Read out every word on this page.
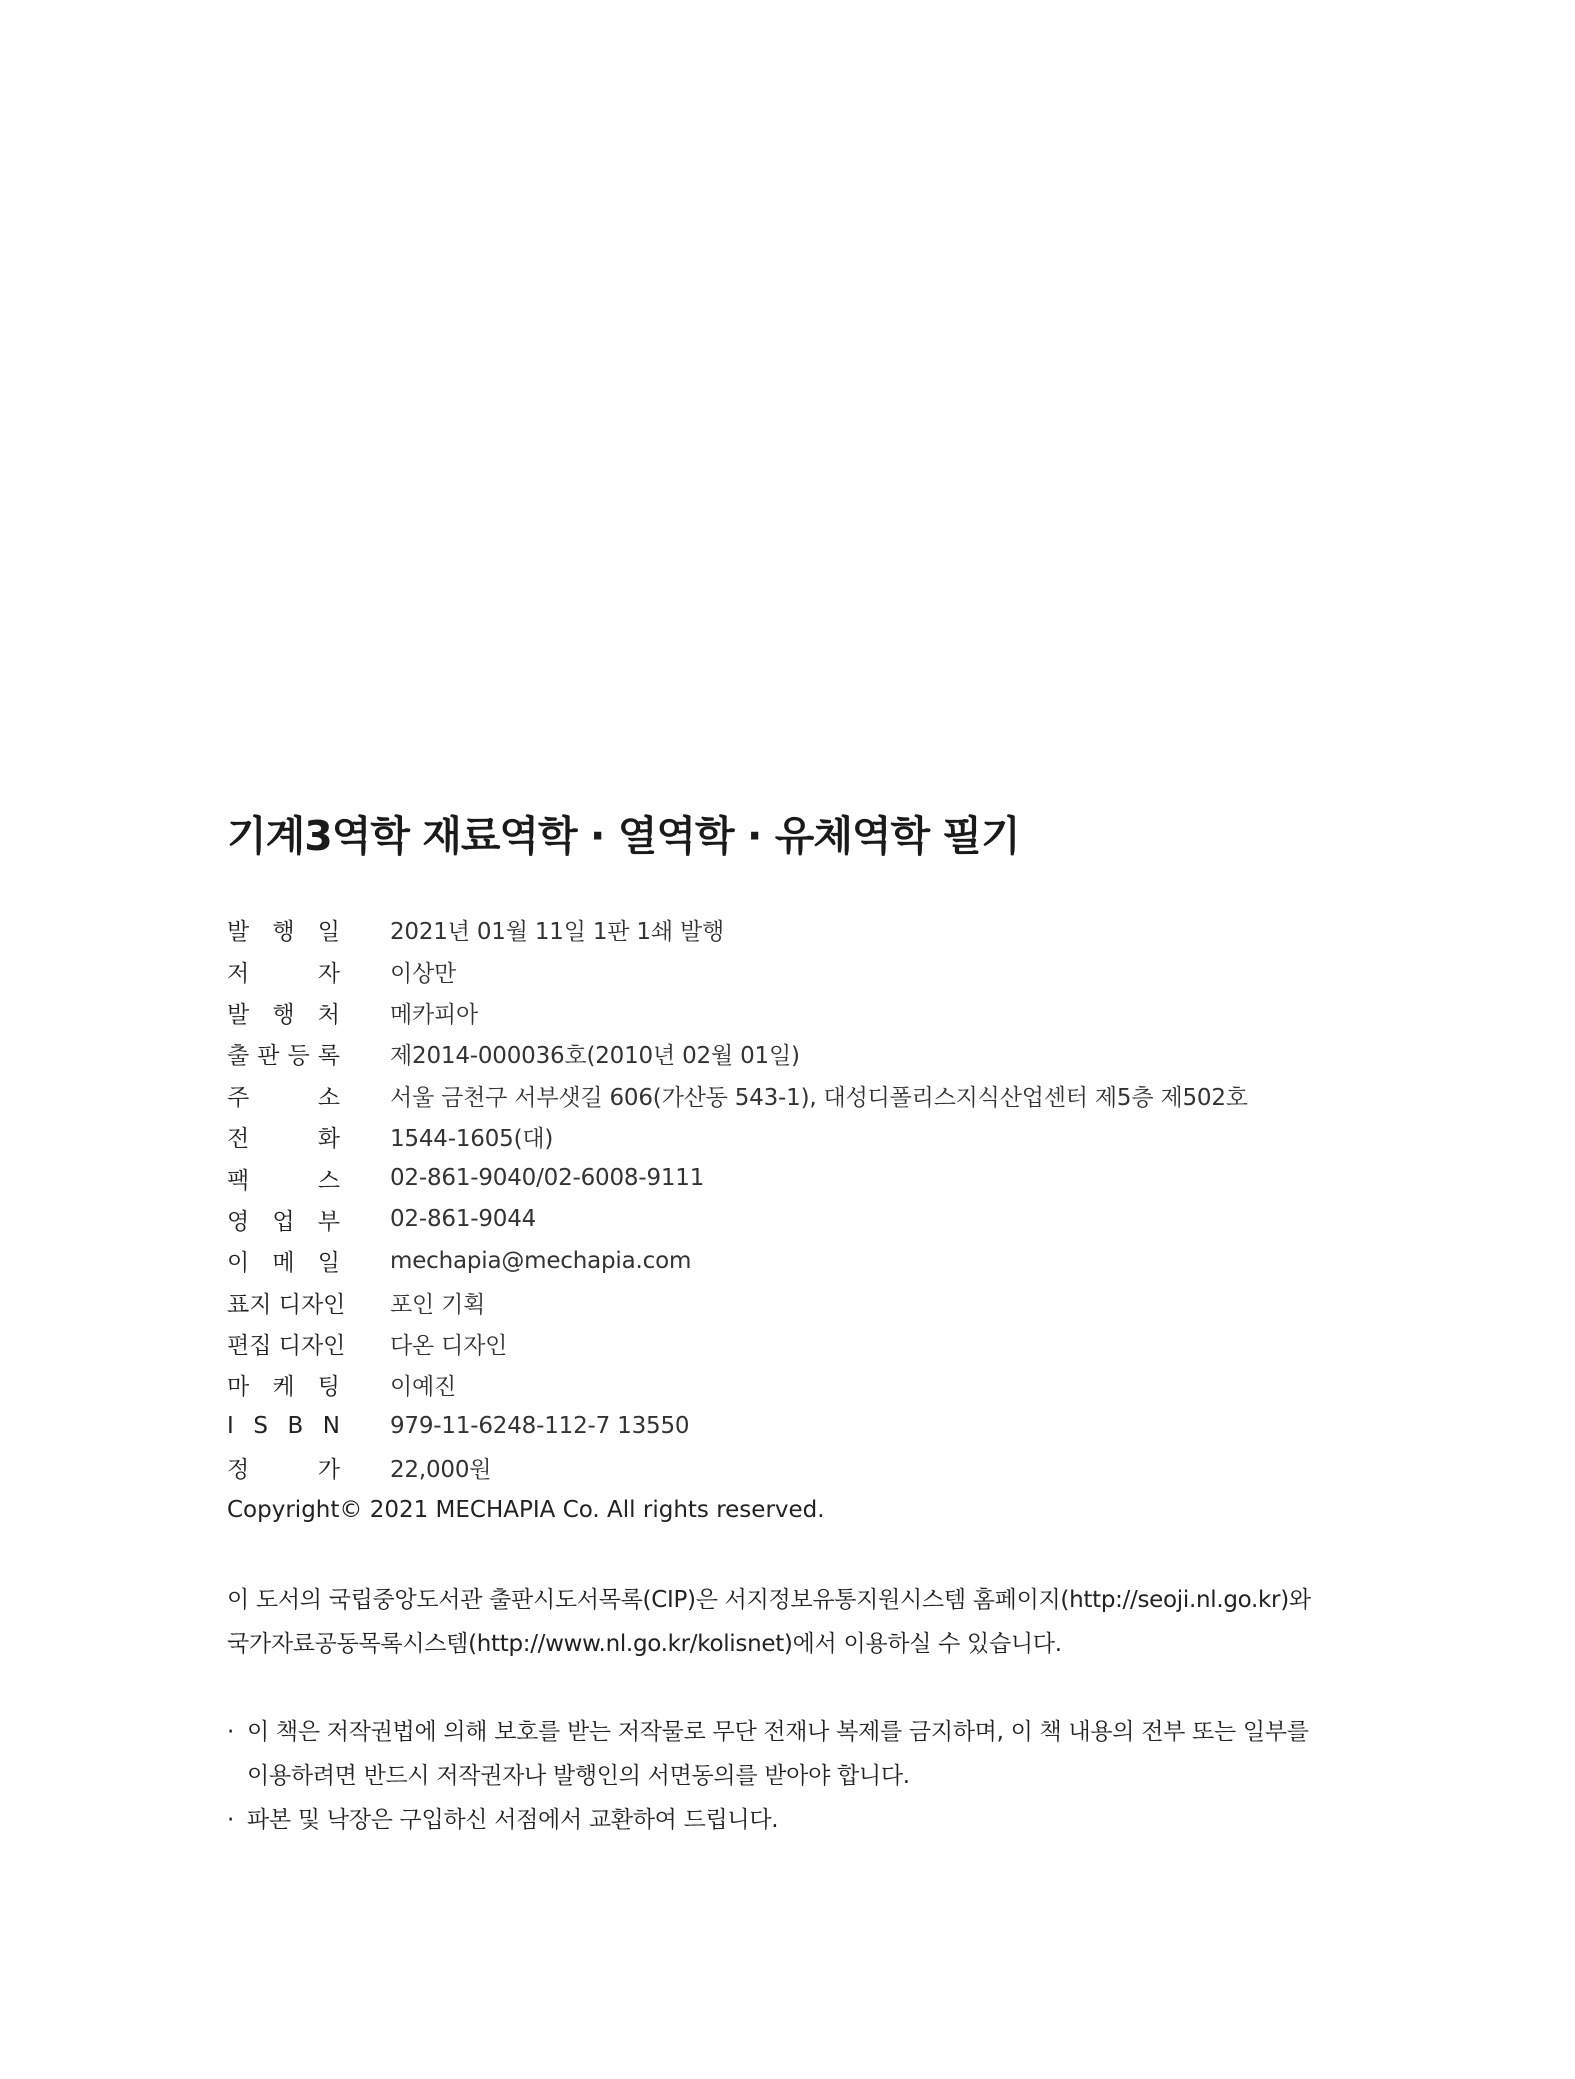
기계3역학 재료역학 · 열역학 · 유체역학 필기
발 행 일 2021년 01월 11일 1판 1쇄 발행
저	자 이상만
발 행 처 메카피아
출 판 등 록 제2014-000036호(2010년 02월 01일)
주	소 서울 금천구 서부샛길 606(가산동 543-1), 대성디폴리스지식산업센터 제5층 제502호
전	화 1544-1605(대)
팩	스 02-861-9040/02-6008-9111
영 업 부 02-861-9044
이 메 일 mechapia@mechapia.com
표지 디자인 포인 기획
편집 디자인 다온 디자인
마 케 팅 이예진
I S B N 979-11-6248-112-7 13550
정	가 22,000원
Copyright© 2021 MECHAPIA Co. All rights reserved.
이 도서의 국립중앙도서관 출판시도서목록(CIP)은 서지정보유통지원시스템 홈페이지(http://seoji.nl.go.kr)와
국가자료공동목록시스템(http://www.nl.go.kr/kolisnet)에서 이용하실 수 있습니다.
· 이 책은 저작권법에 의해 보호를 받는 저작물로 무단 전재나 복제를 금지하며, 이 책 내용의 전부 또는 일부를
이용하려면 반드시 저작권자나 발행인의 서면동의를 받아야 합니다.
· 파본 및 낙장은 구입하신 서점에서 교환하여 드립니다.
